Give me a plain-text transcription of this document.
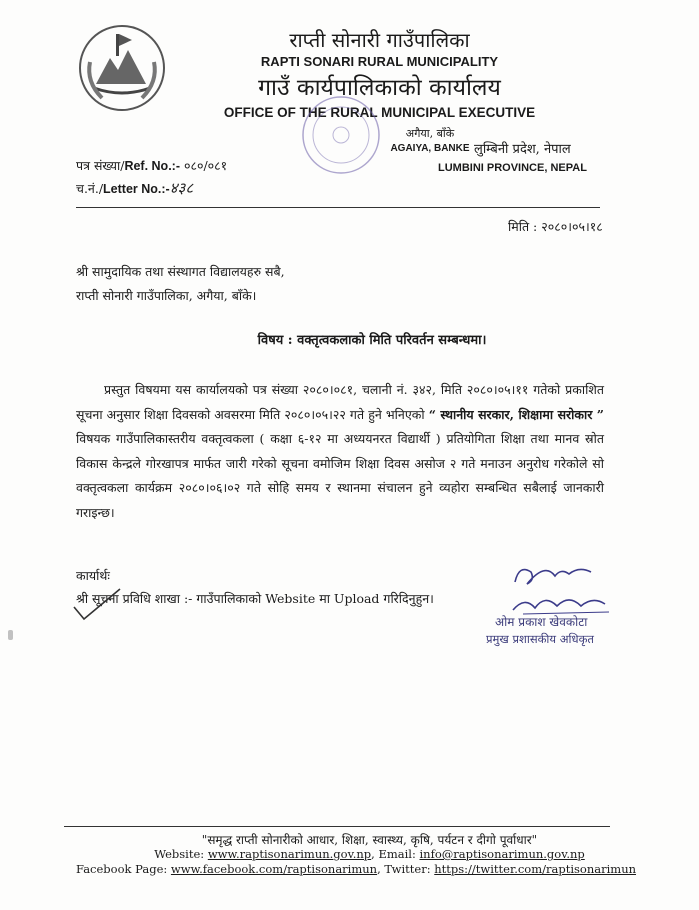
राप्ती सोनारी गाउँपालिका
RAPTI SONARI RURAL MUNICIPALITY
गाउँ कार्यपालिकाको कार्यालय
OFFICE OF THE RURAL MUNICIPAL EXECUTIVE
अगैया, बाँके
AGAIYA, BANKE लुम्बिनी प्रदेश, नेपाल
LUMBINI PROVINCE, NEPAL
पत्र संख्या/Ref. No.:- ०८०/०८१
च.नं./Letter No.:-४३८
मिति : २०८०।०५।१८
श्री सामुदायिक तथा संस्थागत विद्यालयहरु सबै,
राप्ती सोनारी गाउँपालिका, अगैया, बाँके।
विषय : वक्तृत्वकलाको मिति परिवर्तन सम्बन्धमा।
प्रस्तुत विषयमा यस कार्यालयको पत्र संख्या २०८०।०८१, चलानी नं. ३४२, मिति २०८०।०५।११ गतेको प्रकाशित सूचना अनुसार शिक्षा दिवसको अवसरमा मिति २०८०।०५।२२ गते हुने भनिएको “ स्थानीय सरकार, शिक्षामा सरोकार ” विषयक गाउँपालिकास्तरीय वक्तृत्वकला ( कक्षा ६-१२ मा अध्ययनरत विद्यार्थी ) प्रतियोगिता शिक्षा तथा मानव स्रोत विकास केन्द्रले गोरखापत्र मार्फत जारी गरेको सूचना वमोजिम शिक्षा दिवस असोज २ गते मनाउन अनुरोध गरेकोले सो वक्तृत्वकला कार्यक्रम २०८०।०६।०२ गते सोहि समय र स्थानमा संचालन हुने व्यहोरा सम्बन्धित सबैलाई जानकारी गराइन्छ।
कार्यार्थः
श्री सूचना प्रविधि शाखा :- गाउँपालिकाको Website मा Upload गरिदिनुहुन।
ओम प्रकाश खेवकोटा
प्रमुख प्रशासकीय अधिकृत
"समृद्ध राप्ती सोनारीको आधार, शिक्षा, स्वास्थ्य, कृषि, पर्यटन र दीगो पूर्वाधार"
Website: www.raptisonarimun.gov.np, Email: info@raptisonarimun.gov.np
Facebook Page: www.facebook.com/raptisonarimun, Twitter: https://twitter.com/raptisonarimun
